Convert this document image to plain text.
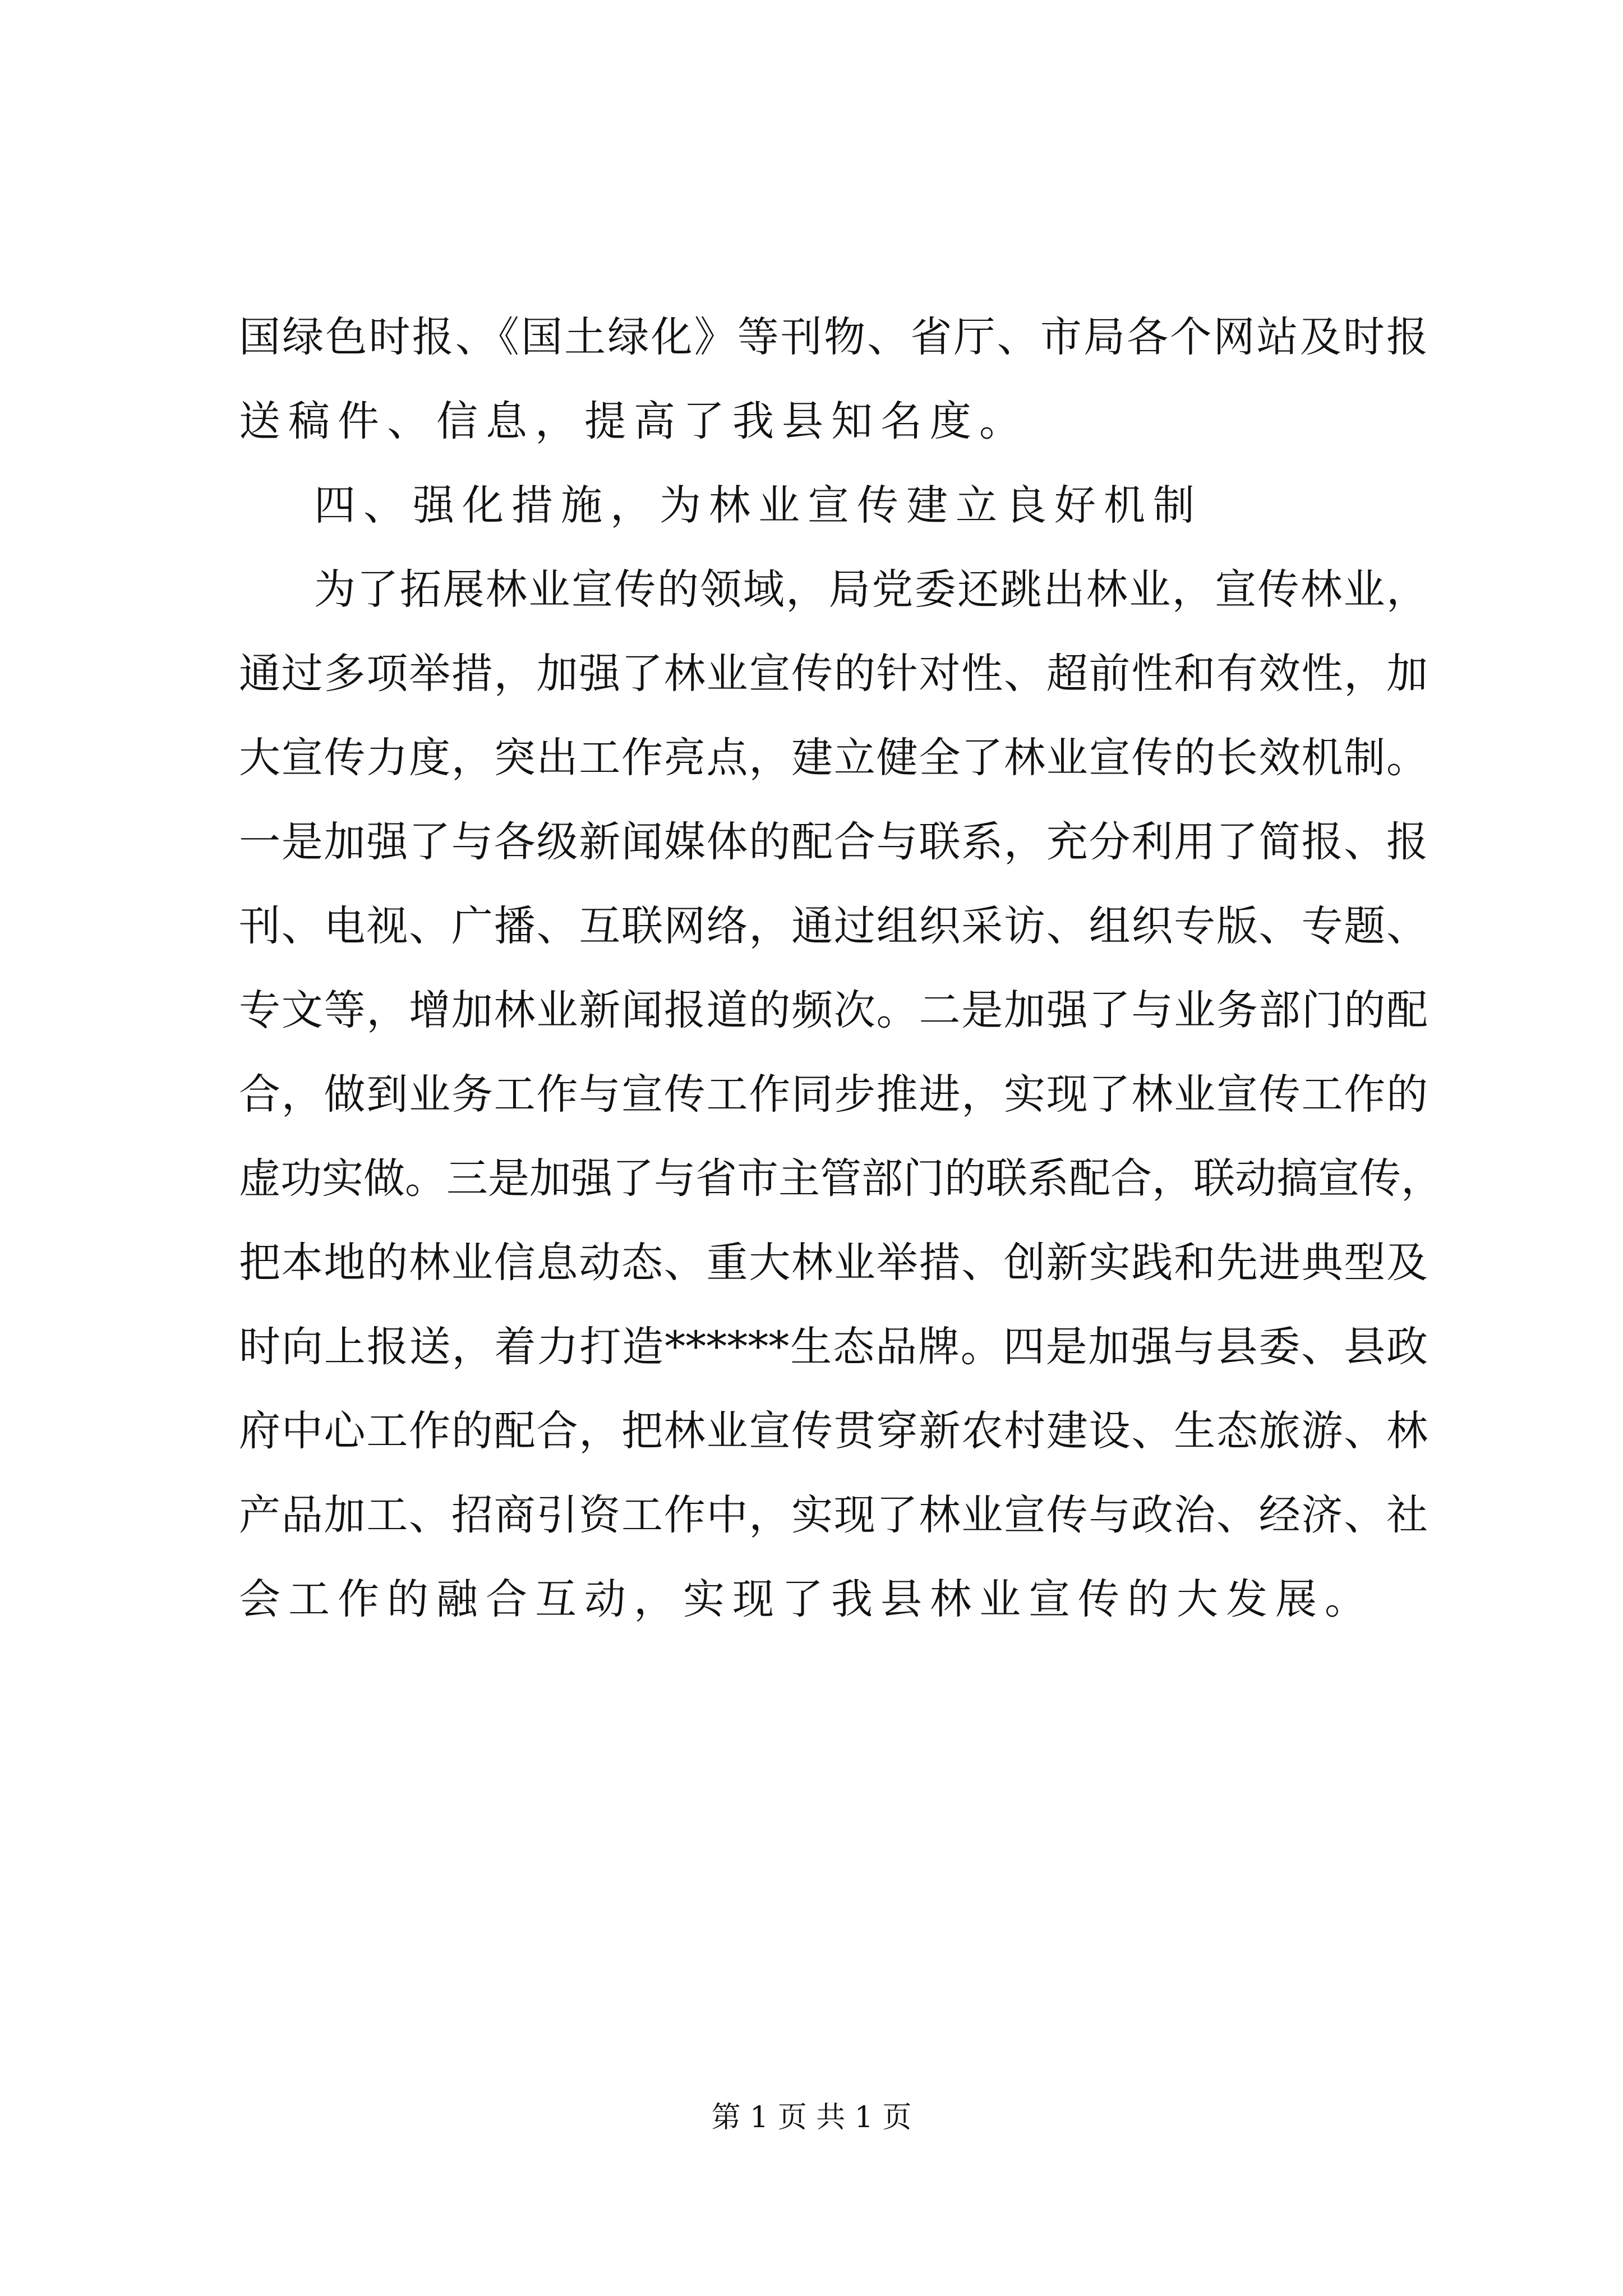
国绿色时报、《国土绿化》等刊物、省厅、市局各个网站及时报
送稿件、信息，提高了我县知名度。
四、强化措施，为林业宣传建立良好机制
为了拓展林业宣传的领域，局党委还跳出林业，宣传林业，
通过多项举措，加强了林业宣传的针对性、超前性和有效性，加
大宣传力度，突出工作亮点，建立健全了林业宣传的长效机制。
一是加强了与各级新闻媒体的配合与联系，充分利用了简报、报
刊、电视、广播、互联网络，通过组织采访、组织专版、专题、
专文等，增加林业新闻报道的频次。二是加强了与业务部门的配
合，做到业务工作与宣传工作同步推进，实现了林业宣传工作的
虚功实做。三是加强了与省市主管部门的联系配合，联动搞宣传，
把本地的林业信息动态、重大林业举措、创新实践和先进典型及
时向上报送，着力打造******生态品牌。四是加强与县委、县政
府中心工作的配合，把林业宣传贯穿新农村建设、生态旅游、林
产品加工、招商引资工作中，实现了林业宣传与政治、经济、社
会工作的融合互动，实现了我县林业宣传的大发展。
第 1 页 共 1 页
